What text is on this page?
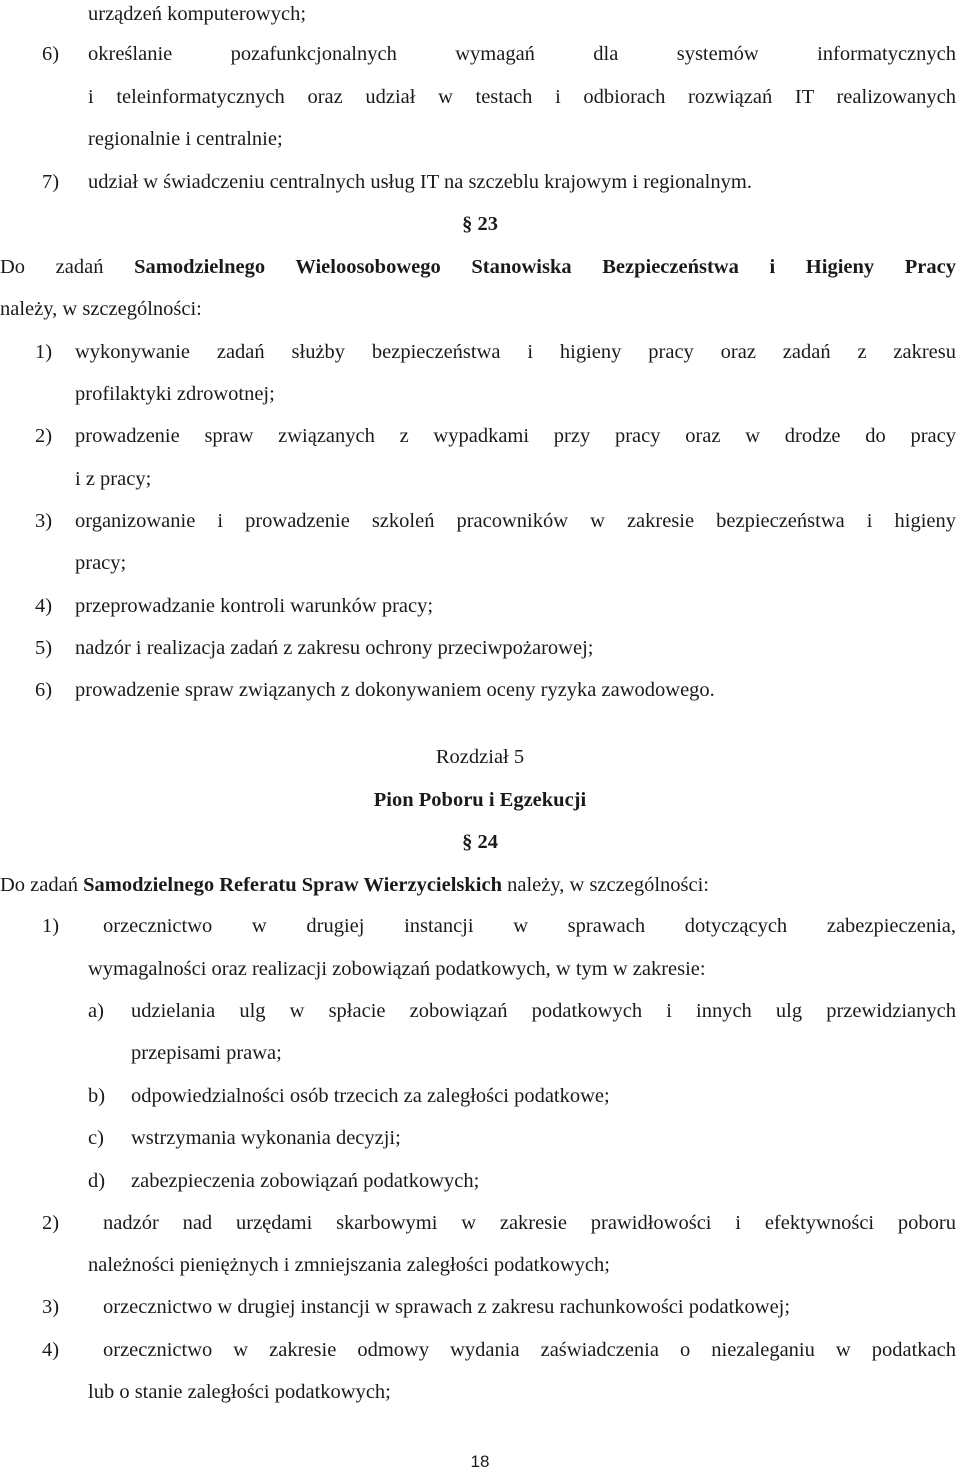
urządzeń komputerowych;
6) określanie pozafunkcjonalnych wymagań dla systemów informatycznych
i teleinformatycznych oraz udział w testach i odbiorach rozwiązań IT realizowanych
regionalnie i centralnie;
7) udział w świadczeniu centralnych usług IT na szczeblu krajowym i regionalnym.
§ 23
Do zadań Samodzielnego Wieloosobowego Stanowiska Bezpieczeństwa i Higieny Pracy
należy, w szczególności:
1) wykonywanie zadań służby bezpieczeństwa i higieny pracy oraz zadań z zakresu
profilaktyki zdrowotnej;
2) prowadzenie spraw związanych z wypadkami przy pracy oraz w drodze do pracy
i z pracy;
3) organizowanie i prowadzenie szkoleń pracowników w zakresie bezpieczeństwa i higieny
pracy;
4) przeprowadzanie kontroli warunków pracy;
5) nadzór i realizacja zadań z zakresu ochrony przeciwpożarowej;
6) prowadzenie spraw związanych z dokonywaniem oceny ryzyka zawodowego.
Rozdział 5
Pion Poboru i Egzekucji
§ 24
Do zadań Samodzielnego Referatu Spraw Wierzycielskich należy, w szczególności:
1) orzecznictwo w drugiej instancji w sprawach dotyczących zabezpieczenia,
wymagalności oraz realizacji zobowiązań podatkowych, w tym w zakresie:
a) udzielania ulg w spłacie zobowiązań podatkowych i innych ulg przewidzianych
przepisami prawa;
b) odpowiedzialności osób trzecich za zaległości podatkowe;
c) wstrzymania wykonania decyzji;
d) zabezpieczenia zobowiązań podatkowych;
2) nadzór nad urzędami skarbowymi w zakresie prawidłowości i efektywności poboru
należności pieniężnych i zmniejszania zaległości podatkowych;
3) orzecznictwo w drugiej instancji w sprawach z zakresu rachunkowości podatkowej;
4) orzecznictwo w zakresie odmowy wydania zaświadczenia o niezaleganiu w podatkach
lub o stanie zaległości podatkowych;
18
